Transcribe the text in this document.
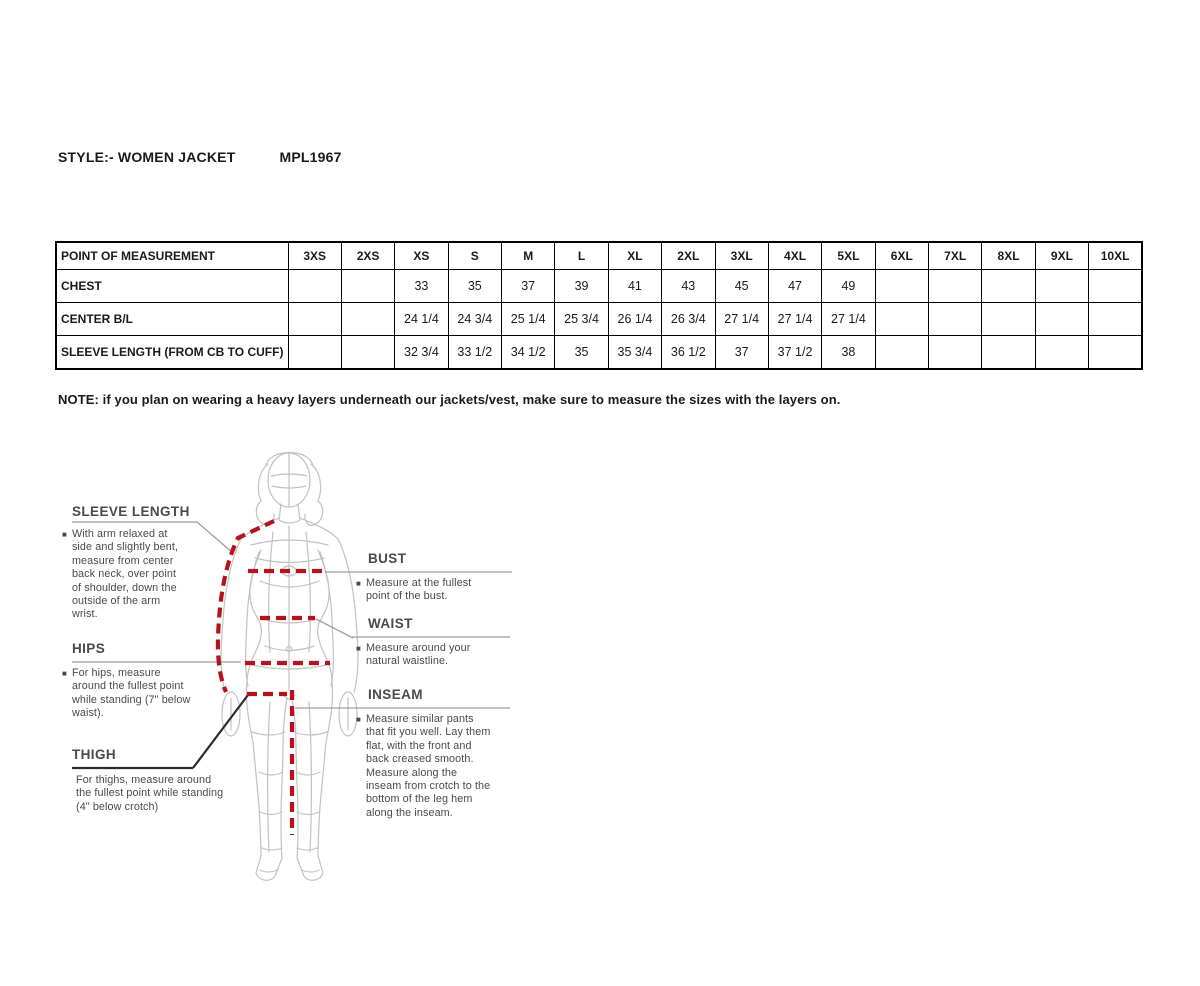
STYLE:- WOMEN JACKET	MPL1967
POINT OF MEASUREMENT	3XS	2XS	XS	S	M	L	XL	2XL	3XL	4XL	5XL	6XL	7XL	8XL	9XL	10XL
CHEST			33	35	37	39	41	43	45	47	49					
CENTER B/L			24 1/4	24 3/4	25 1/4	25 3/4	26 1/4	26 3/4	27 1/4	27 1/4	27 1/4					
SLEEVE LENGTH (FROM CB TO CUFF)			32 3/4	33 1/2	34 1/2	35	35 3/4	36 1/2	37	37 1/2	38					
NOTE: if you plan on wearing a heavy layers underneath our jackets/vest, make sure to measure the sizes with the layers on.
SLEEVE LENGTH
■ With arm relaxed at side and slightly bent, measure from center back neck, over point of shoulder, down the outside of the arm wrist.
HIPS
■ For hips, measure around the fullest point while standing (7" below waist).
THIGH
For thighs, measure around the fullest point while standing (4" below crotch)
BUST
■ Measure at the fullest point of the bust.
WAIST
■ Measure around your natural waistline.
INSEAM
■ Measure similar pants that fit you well. Lay them flat, with the front and back creased smooth. Measure along the inseam from crotch to the bottom of the leg hem along the inseam.
